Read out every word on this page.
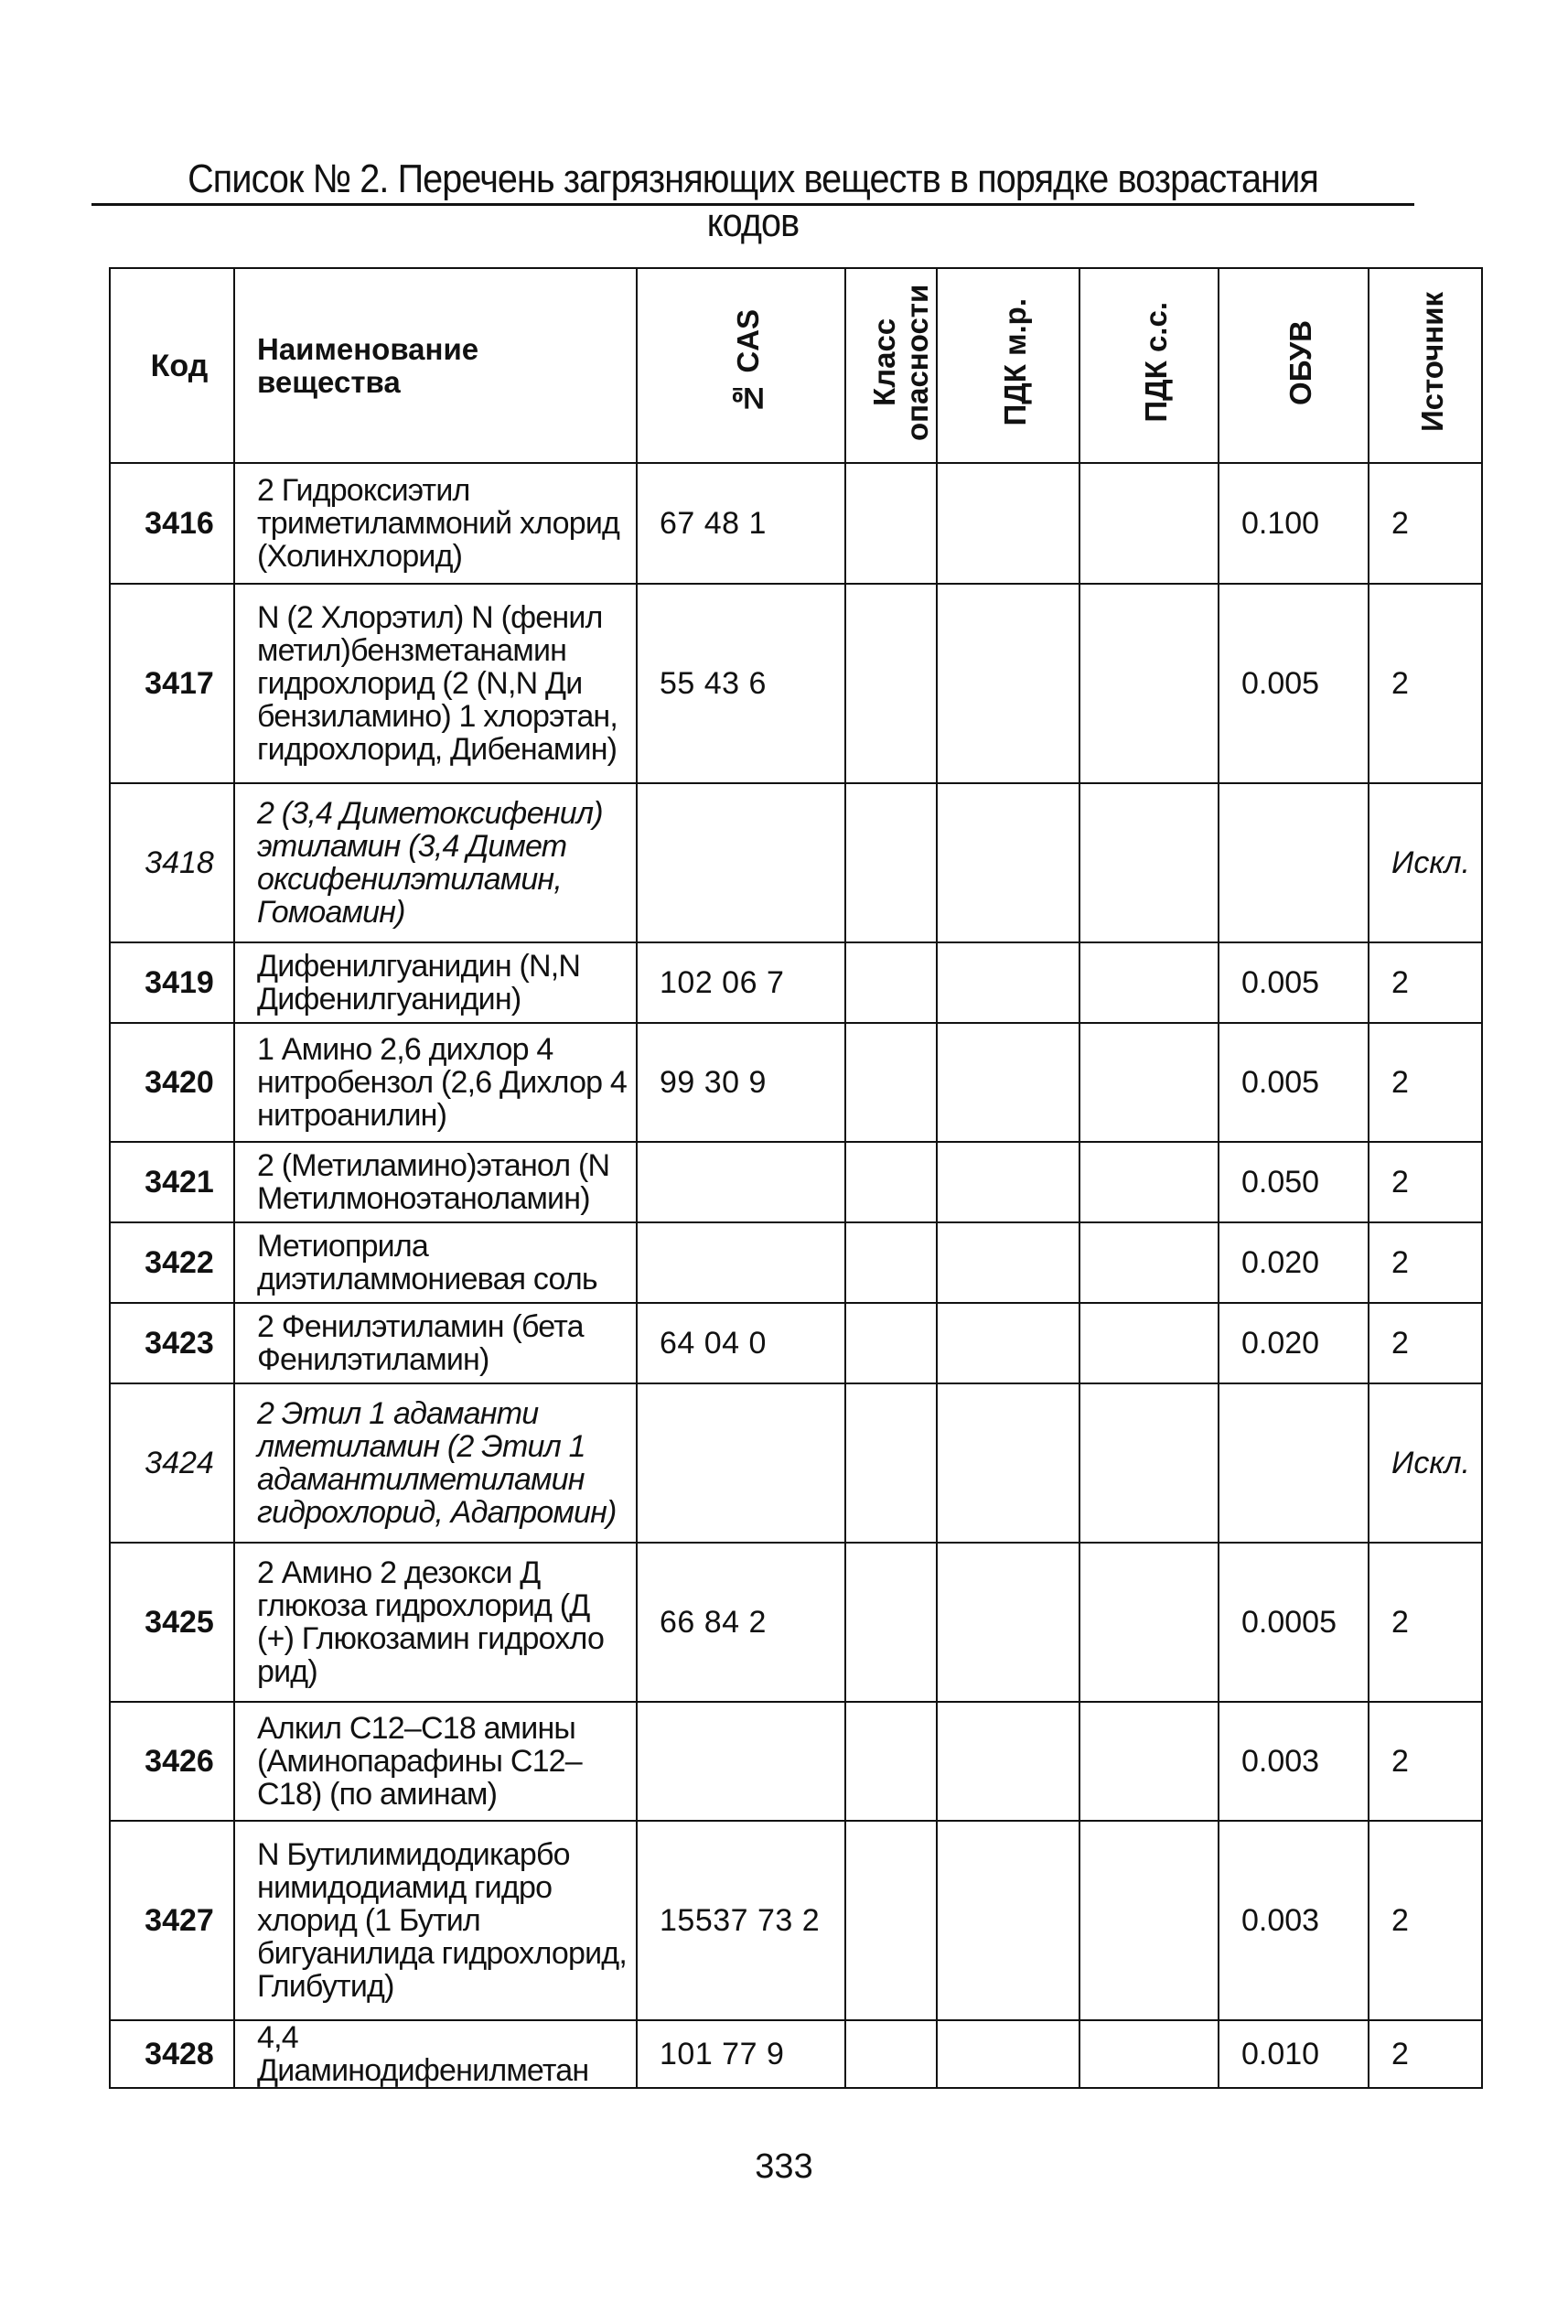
Список № 2. Перечень загрязняющих веществ в порядке возрастания кодов
Код	Наименование вещества	№ CAS	Класс опасности	ПДК м.р.	ПДК с.с.	ОБУВ	Источник
3416	2 Гидроксиэтил триметиламмоний хлорид (Холинхлорид)	67 48 1				0.100	2
3417	N (2 Хлорэтил) N (фенил метил)бензметанамин гидрохлорид (2 (N,N Ди бензиламино) 1 хлорэтан, гидрохлорид, Дибенамин)	55 43 6				0.005	2
3418	2 (3,4 Диметоксифенил) этиламин (3,4 Димет оксифенилэтиламин, Гомоамин)						Искл.
3419	Дифенилгуанидин (N,N Дифенилгуанидин)	102 06 7				0.005	2
3420	1 Амино 2,6 дихлор 4 нитробензол (2,6 Дихлор 4 нитроанилин)	99 30 9				0.005	2
3421	2 (Метиламино)этанол (N Метилмоноэтаноламин)					0.050	2
3422	Метиоприла диэтиламмониевая соль					0.020	2
3423	2 Фенилэтиламин (бета Фенилэтиламин)	64 04 0				0.020	2
3424	2 Этил 1 адаманти лметиламин (2 Этил 1 адамантилметиламин гидрохлорид, Адапромин)						Искл.
3425	2 Амино 2 дезокси Д глюкоза гидрохлорид (Д (+) Глюкозамин гидрохло рид)	66 84 2				0.0005	2
3426	Алкил C12–C18 амины (Аминопарафины C12–C18) (по аминам)					0.003	2
3427	N Бутилимидодикарбо нимидодиамид гидро хлорид (1 Бутил бигуанилида гидрохлорид, Глибутид)	15537 73 2				0.003	2
3428	4,4 Диаминодифенилметан	101 77 9				0.010	2
333
